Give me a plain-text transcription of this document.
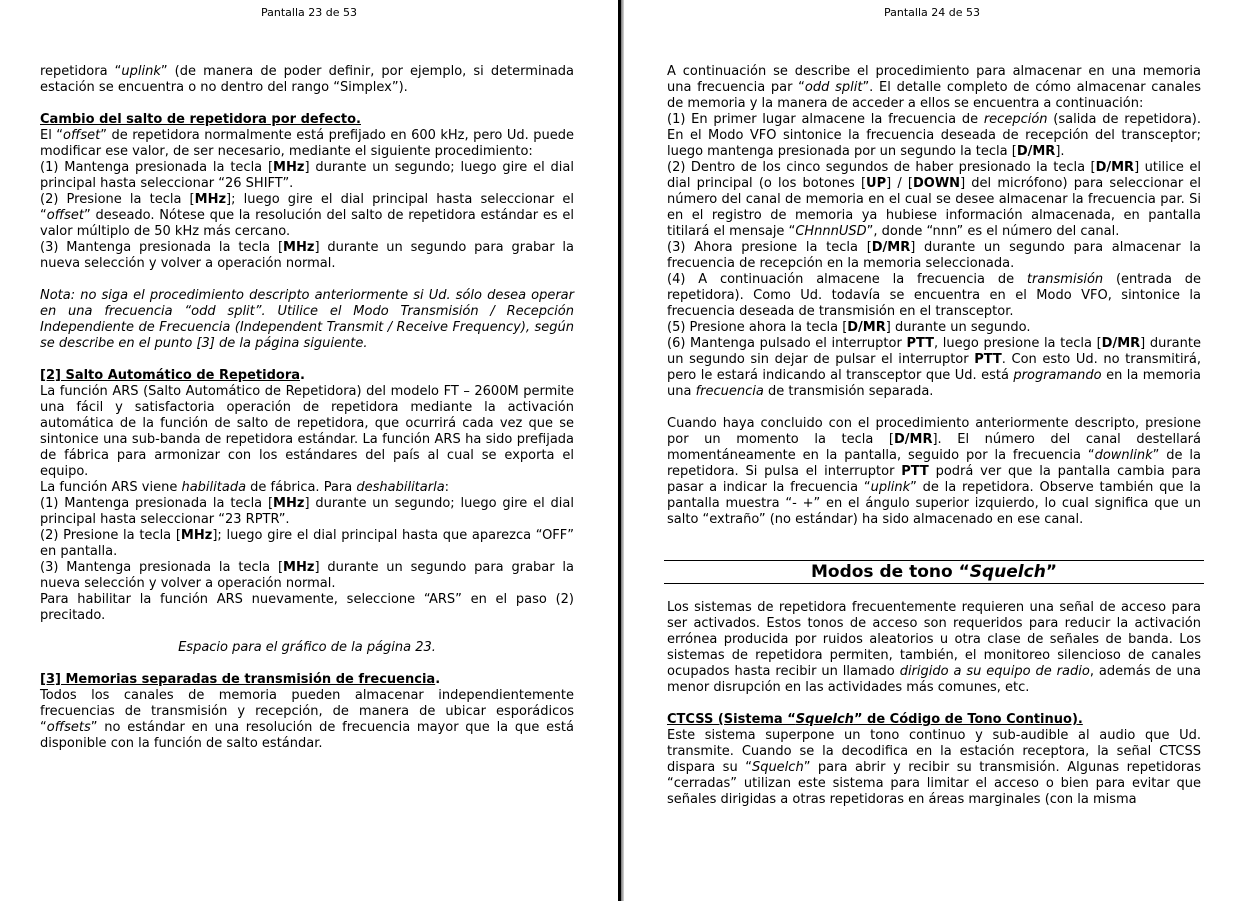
Pantalla 23 de 53

repetidora “uplink” (de manera de poder definir, por ejemplo, si determinada estación se encuentra o no dentro del rango “Simplex”).

Cambio del salto de repetidora por defecto.

El “offset” de repetidora normalmente está prefijado en 600 kHz, pero Ud. puede modificar ese valor, de ser necesario, mediante el siguiente procedimiento:

(1) Mantenga presionada la tecla [MHz] durante un segundo; luego gire el dial principal hasta seleccionar “26 SHIFT”.

(2) Presione la tecla [MHz]; luego gire el dial principal hasta seleccionar el “offset” deseado. Nótese que la resolución del salto de repetidora estándar es el valor múltiplo de 50 kHz más cercano.

(3) Mantenga presionada la tecla [MHz] durante un segundo para grabar la nueva selección y volver a operación normal.

Nota: no siga el procedimiento descripto anteriormente si Ud. sólo desea operar en una frecuencia “odd split”. Utilice el Modo Transmisión / Recepción Independiente de Frecuencia (Independent Transmit / Receive Frequency), según se describe en el punto [3] de la página siguiente.

[2] Salto Automático de Repetidora.

La función ARS (Salto Automático de Repetidora) del modelo FT – 2600M permite una fácil y satisfactoria operación de repetidora mediante la activación automática de la función de salto de repetidora, que ocurrirá cada vez que se sintonice una sub-banda de repetidora estándar. La función ARS ha sido prefijada de fábrica para armonizar con los estándares del país al cual se exporta el equipo.

La función ARS viene habilitada de fábrica. Para deshabilitarla:

(1) Mantenga presionada la tecla [MHz] durante un segundo; luego gire el dial principal hasta seleccionar “23 RPTR”.

(2) Presione la tecla [MHz]; luego gire el dial principal hasta que aparezca “OFF” en pantalla.

(3) Mantenga presionada la tecla [MHz] durante un segundo para grabar la nueva selección y volver a operación normal.

Para habilitar la función ARS nuevamente, seleccione “ARS” en el paso (2) precitado.

Espacio para el gráfico de la página 23.

[3] Memorias separadas de transmisión de frecuencia.

Todos los canales de memoria pueden almacenar independientemente frecuencias de transmisión y recepción, de manera de ubicar esporádicos “offsets” no estándar en una resolución de frecuencia mayor que la que está disponible con la función de salto estándar.

Pantalla 24 de 53

A continuación se describe el procedimiento para almacenar en una memoria una frecuencia par “odd split”. El detalle completo de cómo almacenar canales de memoria y la manera de acceder a ellos se encuentra a continuación:

(1) En primer lugar almacene la frecuencia de recepción (salida de repetidora). En el Modo VFO sintonice la frecuencia deseada de recepción del transceptor; luego mantenga presionada por un segundo la tecla [D/MR].

(2) Dentro de los cinco segundos de haber presionado la tecla [D/MR] utilice el dial principal (o los botones [UP] / [DOWN] del micrófono) para seleccionar el número del canal de memoria en el cual se desee almacenar la frecuencia par. Si en el registro de memoria ya hubiese información almacenada, en pantalla titilará el mensaje “CHnnnUSD”, donde “nnn” es el número del canal.

(3) Ahora presione la tecla [D/MR] durante un segundo para almacenar la frecuencia de recepción en la memoria seleccionada.

(4) A continuación almacene la frecuencia de transmisión (entrada de repetidora). Como Ud. todavía se encuentra en el Modo VFO, sintonice la frecuencia deseada de transmisión en el transceptor.

(5) Presione ahora la tecla [D/MR] durante un segundo.

(6) Mantenga pulsado el interruptor PTT, luego presione la tecla [D/MR] durante un segundo sin dejar de pulsar el interruptor PTT. Con esto Ud. no transmitirá, pero le estará indicando al transceptor que Ud. está programando en la memoria una frecuencia de transmisión separada.

Cuando haya concluido con el procedimiento anteriormente descripto, presione por un momento la tecla [D/MR]. El número del canal destellará momentáneamente en la pantalla, seguido por la frecuencia “downlink” de la repetidora. Si pulsa el interruptor PTT podrá ver que la pantalla cambia para pasar a indicar la frecuencia “uplink” de la repetidora. Observe también que la pantalla muestra “- +” en el ángulo superior izquierdo, lo cual significa que un salto “extraño” (no estándar) ha sido almacenado en ese canal.

Modos de tono “Squelch”

Los sistemas de repetidora frecuentemente requieren una señal de acceso para ser activados. Estos tonos de acceso son requeridos para reducir la activación errónea producida por ruidos aleatorios u otra clase de señales de banda. Los sistemas de repetidora permiten, también, el monitoreo silencioso de canales ocupados hasta recibir un llamado dirigido a su equipo de radio, además de una menor disrupción en las actividades más comunes, etc.

CTCSS (Sistema “Squelch” de Código de Tono Continuo).

Este sistema superpone un tono continuo y sub-audible al audio que Ud. transmite. Cuando se la decodifica en la estación receptora, la señal CTCSS dispara su “Squelch” para abrir y recibir su transmisión. Algunas repetidoras “cerradas” utilizan este sistema para limitar el acceso o bien para evitar que señales dirigidas a otras repetidoras en áreas marginales (con la misma
